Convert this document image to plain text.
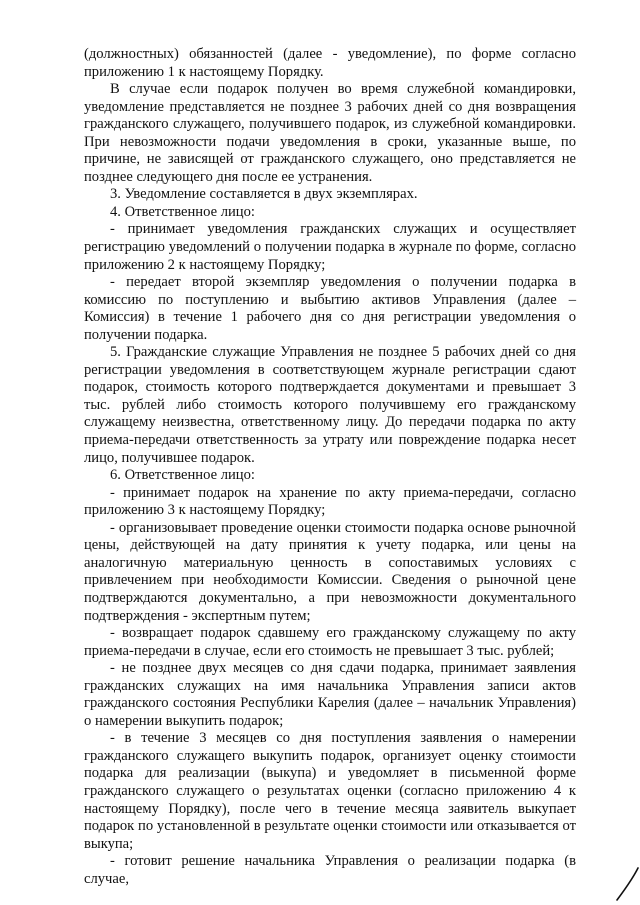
(должностных) обязанностей (далее - уведомление), по форме согласно приложению 1 к настоящему Порядку.

В случае если подарок получен во время служебной командировки, уведомление представляется не позднее 3 рабочих дней со дня возвращения гражданского служащего, получившего подарок, из служебной командировки. При невозможности подачи уведомления в сроки, указанные выше, по причине, не зависящей от гражданского служащего, оно представляется не позднее следующего дня после ее устранения.

3. Уведомление составляется в двух экземплярах.

4. Ответственное лицо:

- принимает уведомления гражданских служащих и осуществляет регистрацию уведомлений о получении подарка в журнале по форме, согласно приложению 2 к настоящему Порядку;

- передает второй экземпляр уведомления о получении подарка в комиссию по поступлению и выбытию активов Управления (далее – Комиссия) в течение 1 рабочего дня со дня регистрации уведомления о получении подарка.

5. Гражданские служащие Управления не позднее 5 рабочих дней со дня регистрации уведомления в соответствующем журнале регистрации сдают подарок, стоимость которого подтверждается документами и превышает 3 тыс. рублей либо стоимость которого получившему его гражданскому служащему неизвестна, ответственному лицу. До передачи подарка по акту приема-передачи ответственность за утрату или повреждение подарка несет лицо, получившее подарок.

6. Ответственное лицо:

- принимает подарок на хранение по акту приема-передачи, согласно приложению 3 к настоящему Порядку;

- организовывает проведение оценки стоимости подарка основе рыночной цены, действующей на дату принятия к учету подарка, или цены на аналогичную материальную ценность в сопоставимых условиях с привлечением при необходимости Комиссии. Сведения о рыночной цене подтверждаются документально, а при невозможности документального подтверждения - экспертным путем;

- возвращает подарок сдавшему его гражданскому служащему по акту приема-передачи в случае, если его стоимость не превышает 3 тыс. рублей;

- не позднее двух месяцев со дня сдачи подарка, принимает заявления гражданских служащих на имя начальника Управления записи актов гражданского состояния Республики Карелия (далее – начальник Управления) о намерении выкупить подарок;

- в течение 3 месяцев со дня поступления заявления о намерении гражданского служащего выкупить подарок, организует оценку стоимости подарка для реализации (выкупа) и уведомляет в письменной форме гражданского служащего о результатах оценки (согласно приложению 4 к настоящему Порядку), после чего в течение месяца заявитель выкупает подарок по установленной в результате оценки стоимости или отказывается от выкупа;

- готовит решение начальника Управления о реализации подарка (в случае,
